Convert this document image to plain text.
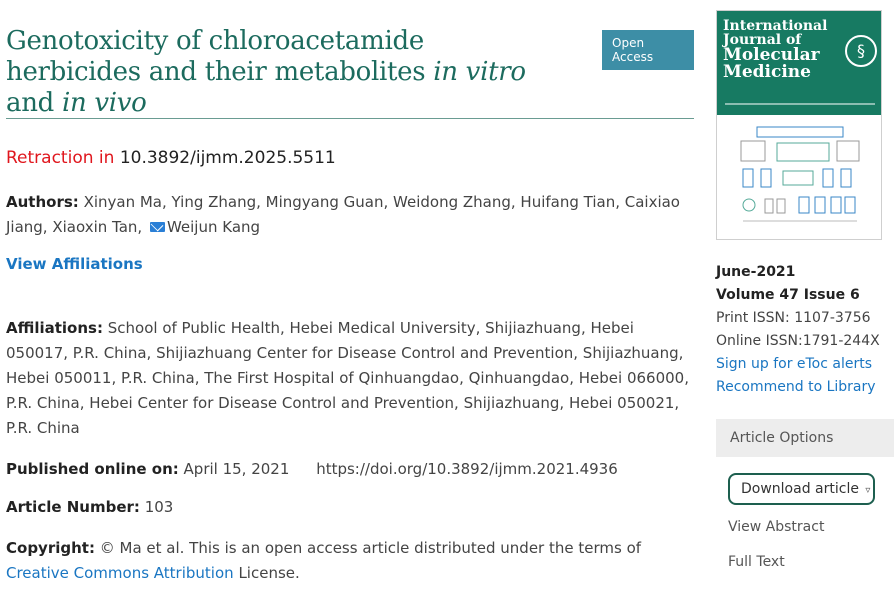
Genotoxicity of chloroacetamide herbicides and their metabolites in vitro and in vivo
Open Access
Retraction in 10.3892/ijmm.2025.5511
Authors: Xinyan Ma, Ying Zhang, Mingyang Guan, Weidong Zhang, Huifang Tian, Caixiao Jiang, Xiaoxin Tan, Weijun Kang
View Affiliations
Affiliations: School of Public Health, Hebei Medical University, Shijiazhuang, Hebei 050017, P.R. China, Shijiazhuang Center for Disease Control and Prevention, Shijiazhuang, Hebei 050011, P.R. China, The First Hospital of Qinhuangdao, Qinhuangdao, Hebei 066000, P.R. China, Hebei Center for Disease Control and Prevention, Shijiazhuang, Hebei 050021, P.R. China
Published online on: April 15, 2021 https://doi.org/10.3892/ijmm.2021.4936
Article Number: 103
Copyright: © Ma et al. This is an open access article distributed under the terms of
Creative Commons Attribution License.
International
Journal of
Molecular
Medicine
§
June-2021
Volume 47 Issue 6
Print ISSN: 1107-3756
Online ISSN:1791-244X
Sign up for eToc alerts
Recommend to Library
Article Options
Download article ▿
View Abstract
Full Text
